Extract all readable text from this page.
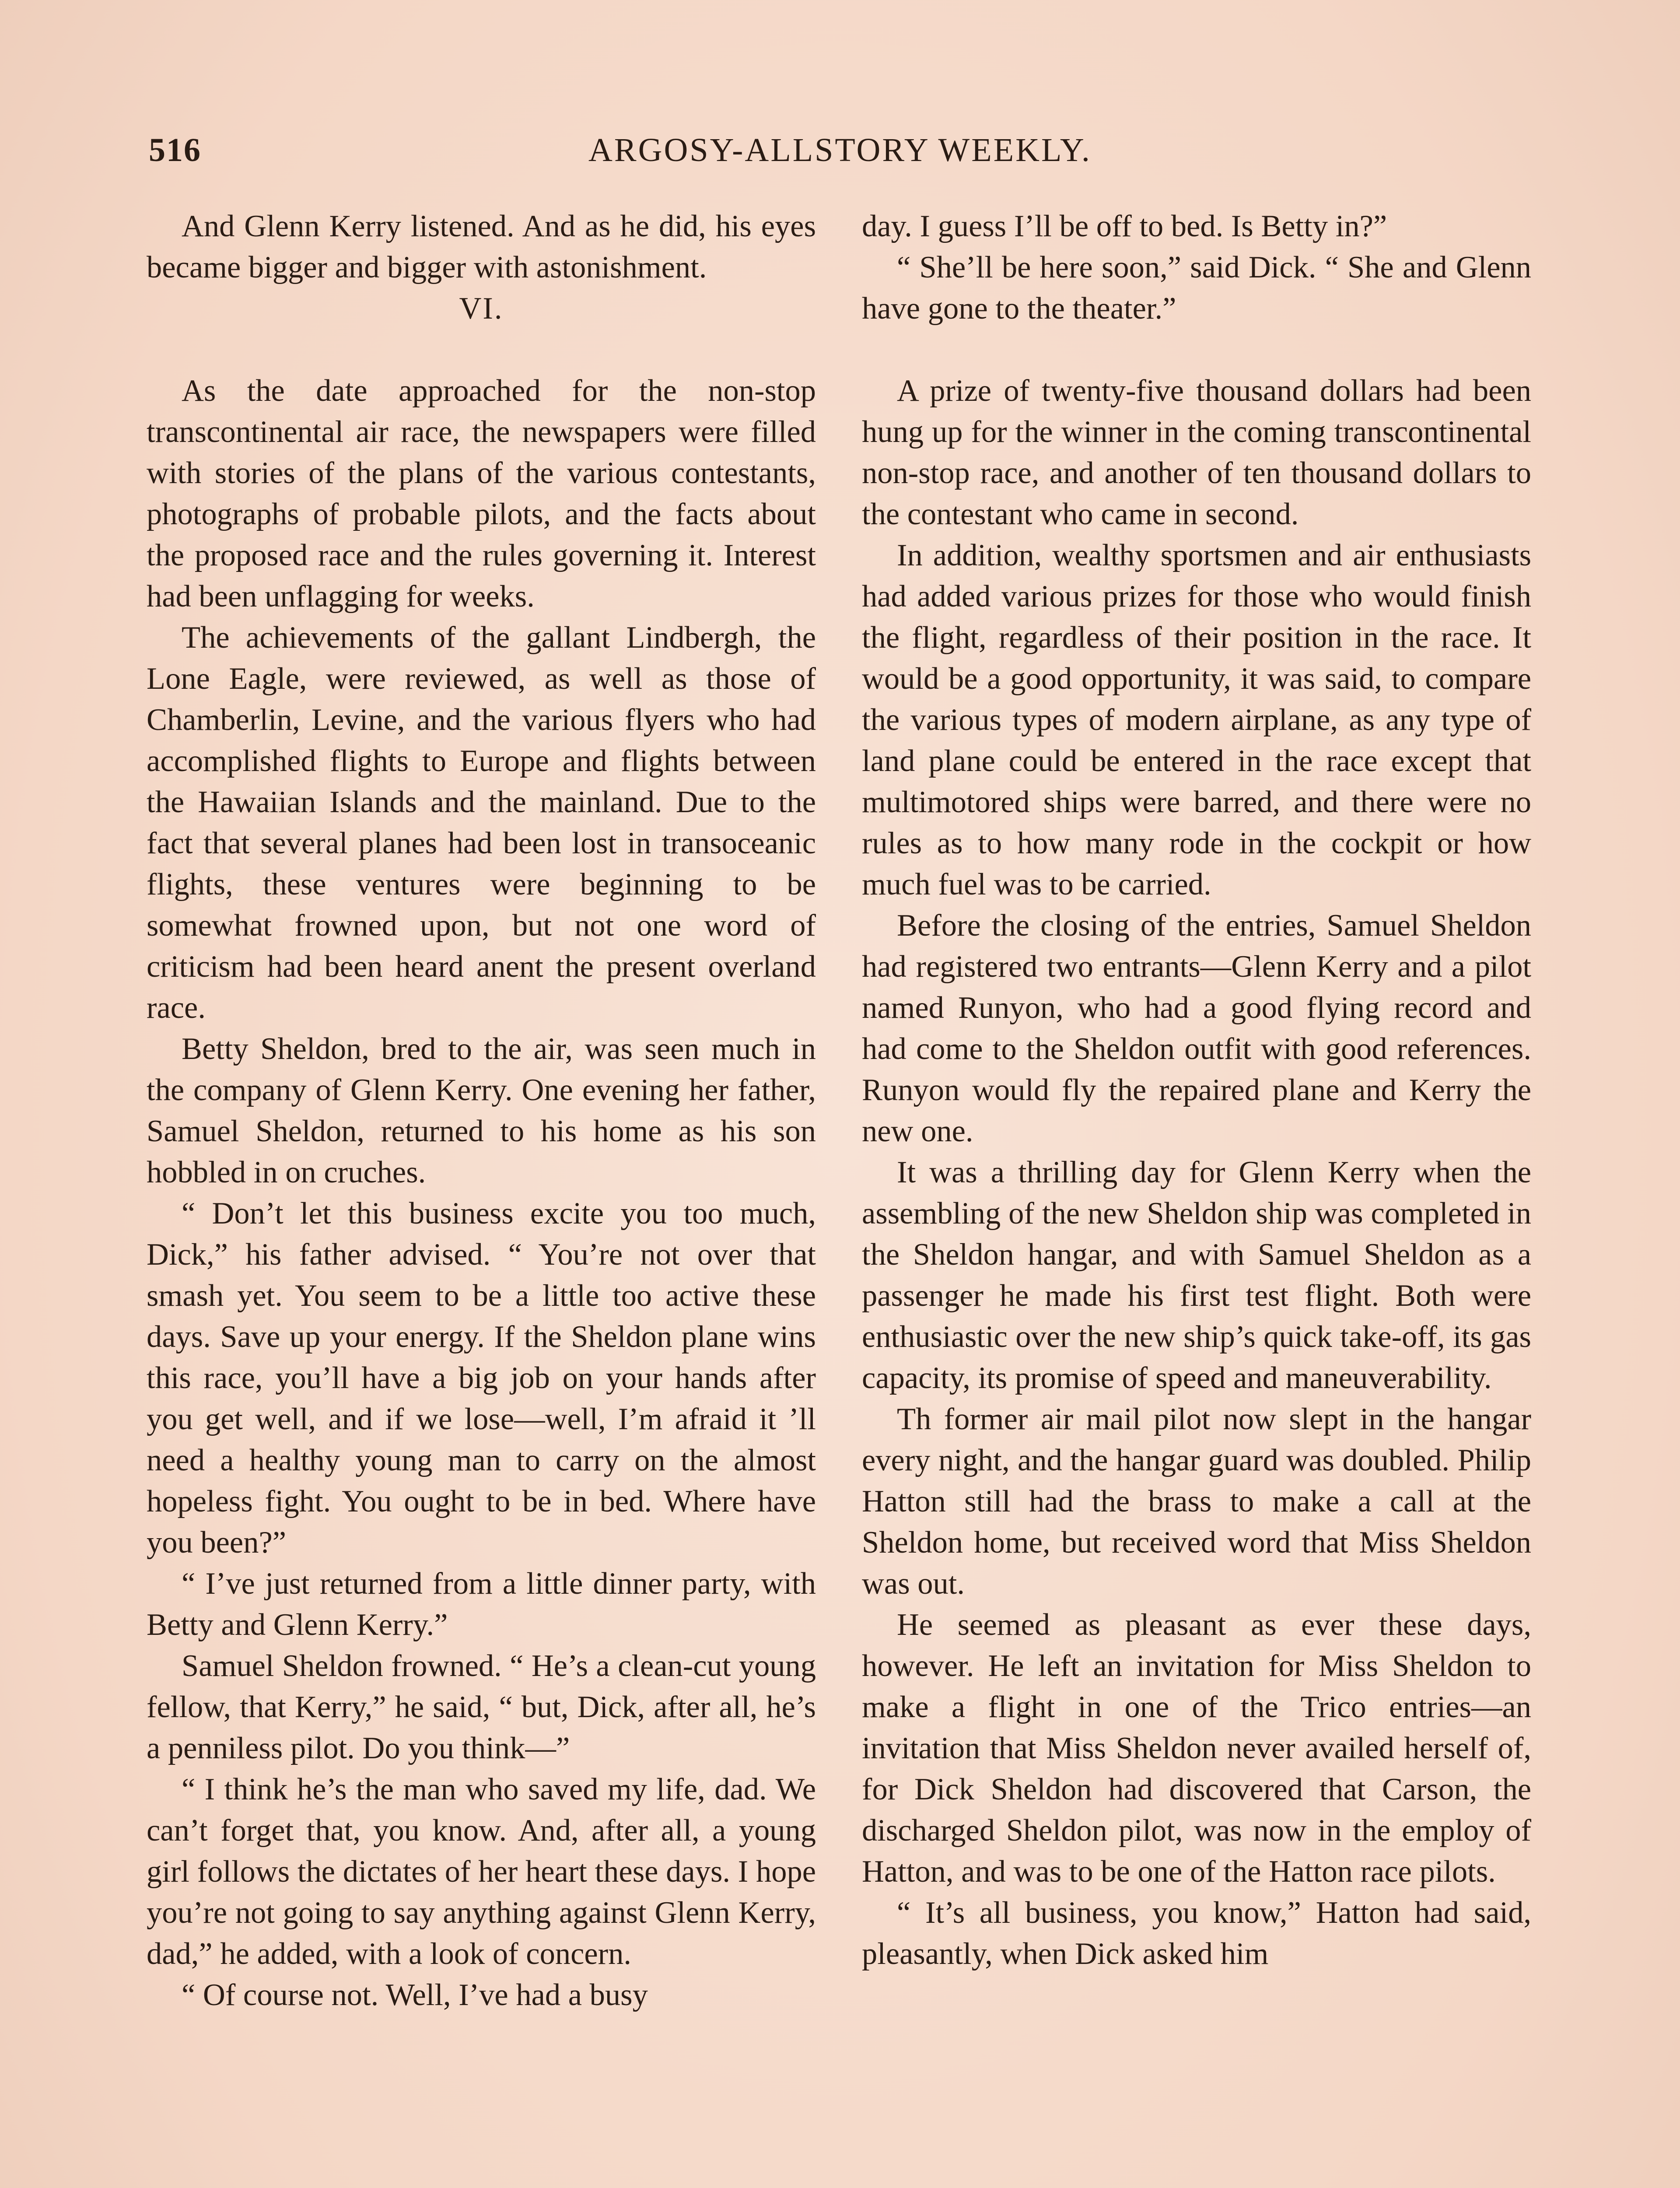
516	ARGOSY-ALLSTORY WEEKLY.

And Glenn Kerry listened. And as he did, his eyes became bigger and bigger with astonishment.

VI.

As the date approached for the non-stop transcontinental air race, the newspapers were filled with stories of the plans of the various contestants, photographs of probable pilots, and the facts about the proposed race and the rules governing it. Interest had been unflagging for weeks.

The achievements of the gallant Lindbergh, the Lone Eagle, were reviewed, as well as those of Chamberlin, Levine, and the various flyers who had accomplished flights to Europe and flights between the Hawaiian Islands and the mainland. Due to the fact that several planes had been lost in transoceanic flights, these ventures were beginning to be somewhat frowned upon, but not one word of criticism had been heard anent the present overland race.

Betty Sheldon, bred to the air, was seen much in the company of Glenn Kerry. One evening her father, Samuel Sheldon, returned to his home as his son hobbled in on cruches.

“ Don’t let this business excite you too much, Dick,” his father advised. “ You’re not over that smash yet. You seem to be a little too active these days. Save up your energy. If the Sheldon plane wins this race, you’ll have a big job on your hands after you get well, and if we lose—well, I’m afraid it ’ll need a healthy young man to carry on the almost hopeless fight. You ought to be in bed. Where have you been?”

“ I’ve just returned from a little dinner party, with Betty and Glenn Kerry.”

Samuel Sheldon frowned. “ He’s a clean-cut young fellow, that Kerry,” he said, “ but, Dick, after all, he’s a penniless pilot. Do you think—”

“ I think he’s the man who saved my life, dad. We can’t forget that, you know. And, after all, a young girl follows the dictates of her heart these days. I hope you’re not going to say anything against Glenn Kerry, dad,” he added, with a look of concern.

“ Of course not. Well, I’ve had a busy

day. I guess I’ll be off to bed. Is Betty in?”

“ She’ll be here soon,” said Dick. “ She and Glenn have gone to the theater.”

A prize of twenty-five thousand dollars had been hung up for the winner in the coming transcontinental non-stop race, and another of ten thousand dollars to the contestant who came in second.

In addition, wealthy sportsmen and air enthusiasts had added various prizes for those who would finish the flight, regardless of their position in the race. It would be a good opportunity, it was said, to compare the various types of modern airplane, as any type of land plane could be entered in the race except that multimotored ships were barred, and there were no rules as to how many rode in the cockpit or how much fuel was to be carried.

Before the closing of the entries, Samuel Sheldon had registered two entrants—Glenn Kerry and a pilot named Runyon, who had a good flying record and had come to the Sheldon outfit with good references. Runyon would fly the repaired plane and Kerry the new one.

It was a thrilling day for Glenn Kerry when the assembling of the new Sheldon ship was completed in the Sheldon hangar, and with Samuel Sheldon as a passenger he made his first test flight. Both were enthusiastic over the new ship’s quick take-off, its gas capacity, its promise of speed and maneuverability.

Th former air mail pilot now slept in the hangar every night, and the hangar guard was doubled. Philip Hatton still had the brass to make a call at the Sheldon home, but received word that Miss Sheldon was out.

He seemed as pleasant as ever these days, however. He left an invitation for Miss Sheldon to make a flight in one of the Trico entries—an invitation that Miss Sheldon never availed herself of, for Dick Sheldon had discovered that Carson, the discharged Sheldon pilot, was now in the employ of Hatton, and was to be one of the Hatton race pilots.

“ It’s all business, you know,” Hatton had said, pleasantly, when Dick asked him
